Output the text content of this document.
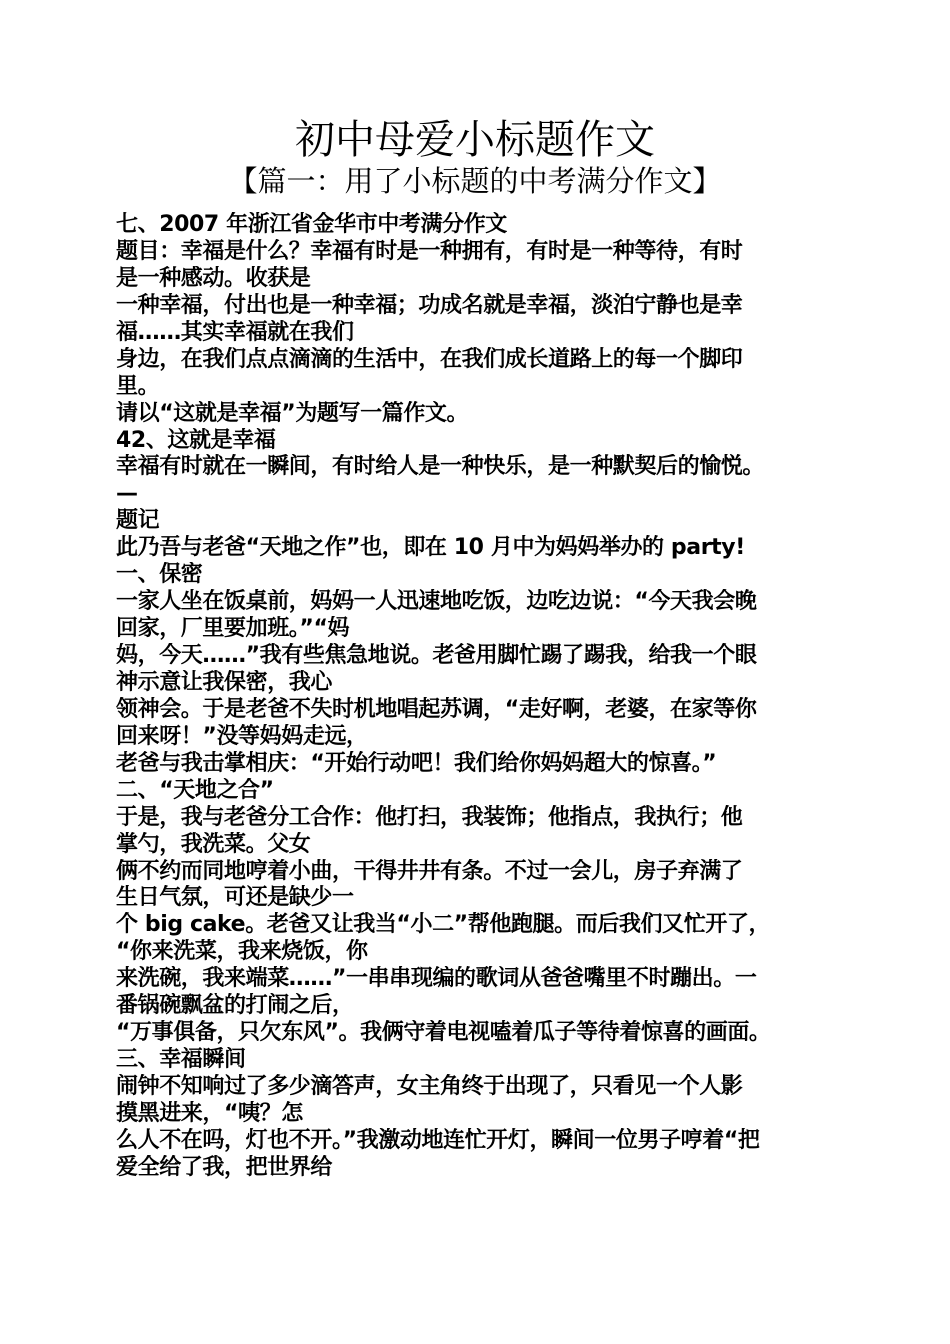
初中母爱小标题作文
【篇一：用了小标题的中考满分作文】
七、2007 年浙江省金华市中考满分作文
题目：幸福是什么？幸福有时是一种拥有，有时是一种等待，有时
是一种感动。收获是
一种幸福，付出也是一种幸福；功成名就是幸福，淡泊宁静也是幸
福……其实幸福就在我们
身边，在我们点点滴滴的生活中，在我们成长道路上的每一个脚印
里。
请以“这就是幸福”为题写一篇作文。
42、这就是幸福
幸福有时就在一瞬间，有时给人是一种快乐，是一种默契后的愉悦。
—
题记
此乃吾与老爸“天地之作”也，即在 10 月中为妈妈举办的 party!
一、保密
一家人坐在饭桌前，妈妈一人迅速地吃饭，边吃边说：“今天我会晚
回家，厂里要加班。”“妈
妈，今天……”我有些焦急地说。老爸用脚忙踢了踢我，给我一个眼
神示意让我保密，我心
领神会。于是老爸不失时机地唱起苏调，“走好啊，老婆，在家等你
回来呀！”没等妈妈走远，
老爸与我击掌相庆：“开始行动吧！我们给你妈妈超大的惊喜。”
二、“天地之合”
于是，我与老爸分工合作：他打扫，我装饰；他指点，我执行；他
掌勺，我洗菜。父女
俩不约而同地哼着小曲，干得井井有条。不过一会儿，房子弃满了
生日气氛，可还是缺少一
个 big cake。老爸又让我当“小二”帮他跑腿。而后我们又忙开了，
“你来洗菜，我来烧饭，你
来洗碗，我来端菜……”一串串现编的歌词从爸爸嘴里不时蹦出。一
番锅碗飘盆的打闹之后，
“万事俱备，只欠东风”。我俩守着电视嗑着瓜子等待着惊喜的画面。
三、幸福瞬间
闹钟不知响过了多少滴答声，女主角终于出现了，只看见一个人影
摸黑进来，“咦？怎
么人不在吗，灯也不开。”我激动地连忙开灯，瞬间一位男子哼着“把
爱全给了我，把世界给
